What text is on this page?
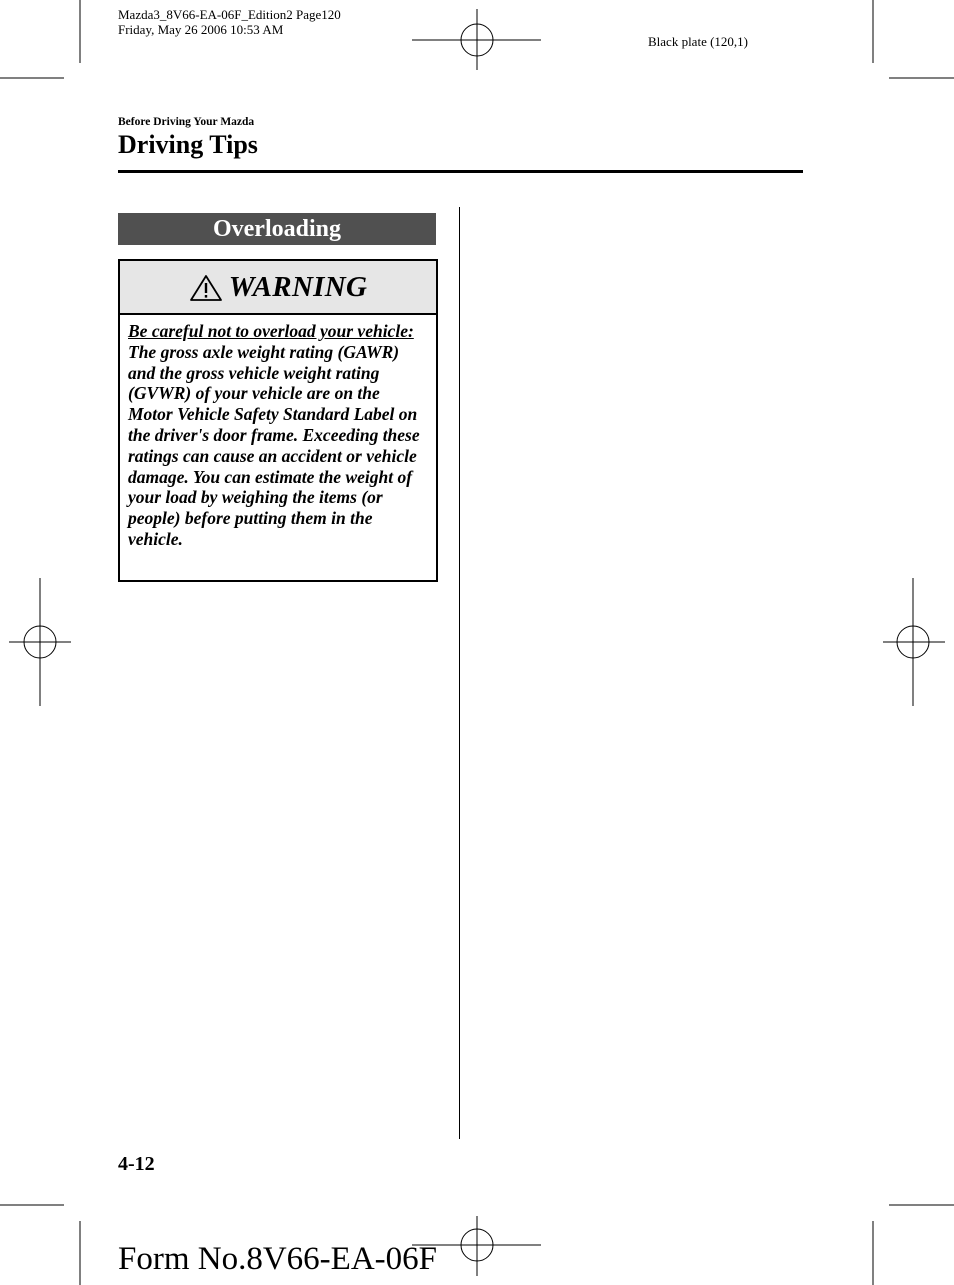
Mazda3_8V66-EA-06F_Edition2 Page120
Friday, May 26 2006 10:53 AM
Black plate (120,1)
Before Driving Your Mazda
Driving Tips
Overloading
WARNING

Be careful not to overload your vehicle:

The gross axle weight rating (GAWR) and the gross vehicle weight rating (GVWR) of your vehicle are on the Motor Vehicle Safety Standard Label on the driver's door frame. Exceeding these ratings can cause an accident or vehicle damage. You can estimate the weight of your load by weighing the items (or people) before putting them in the vehicle.

4-12
Form No.8V66-EA-06F
